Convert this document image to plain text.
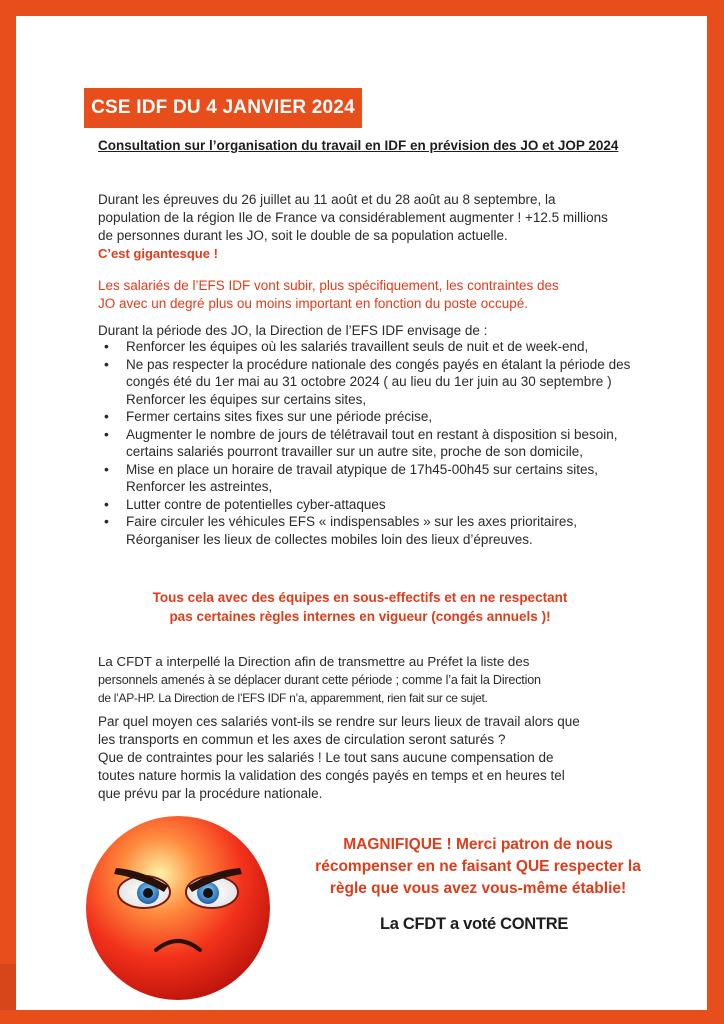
CSE IDF DU 4 JANVIER 2024
Consultation sur l’organisation du travail en IDF en prévision des JO et JOP 2024
Durant les épreuves du 26 juillet au 11 août et du 28 août au 8 septembre, la
population de la région Ile de France va considérablement augmenter ! +12.5 millions
de personnes durant les JO, soit le double de sa population actuelle.
C’est gigantesque !
Les salariés de l’EFS IDF vont subir, plus spécifiquement, les contraintes des
JO avec un degré plus ou moins important en fonction du poste occupé.
Durant la période des JO, la Direction de l’EFS IDF envisage de :
• Renforcer les équipes où les salariés travaillent seuls de nuit et de week-end,
• Ne pas respecter la procédure nationale des congés payés en étalant la période des congés été du 1er mai au 31 octobre 2024 ( au lieu du 1er juin au 30 septembre ) Renforcer les équipes sur certains sites,
• Fermer certains sites fixes sur une période précise,
• Augmenter le nombre de jours de télétravail tout en restant à disposition si besoin, certains salariés pourront travailler sur un autre site, proche de son domicile,
• Mise en place un horaire de travail atypique de 17h45-00h45 sur certains sites, Renforcer les astreintes,
• Lutter contre de potentielles cyber-attaques
• Faire circuler les véhicules EFS « indispensables » sur les axes prioritaires, Réorganiser les lieux de collectes mobiles loin des lieux d’épreuves.
Tous cela avec des équipes en sous-effectifs et en ne respectant
pas certaines règles internes en vigueur (congés annuels )!
La CFDT a interpellé la Direction afin de transmettre au Préfet la liste des
personnels amenés à se déplacer durant cette période ; comme l’a fait la Direction
de l’AP-HP. La Direction de l’EFS IDF n’a, apparemment, rien fait sur ce sujet.
Par quel moyen ces salariés vont-ils se rendre sur leurs lieux de travail alors que
les transports en commun et les axes de circulation seront saturés ?
Que de contraintes pour les salariés ! Le tout sans aucune compensation de
toutes nature hormis la validation des congés payés en temps et en heures tel
que prévu par la procédure nationale.
MAGNIFIQUE ! Merci patron de nous
récompenser en ne faisant QUE respecter la
règle que vous avez vous-même établie!
La CFDT a voté CONTRE
